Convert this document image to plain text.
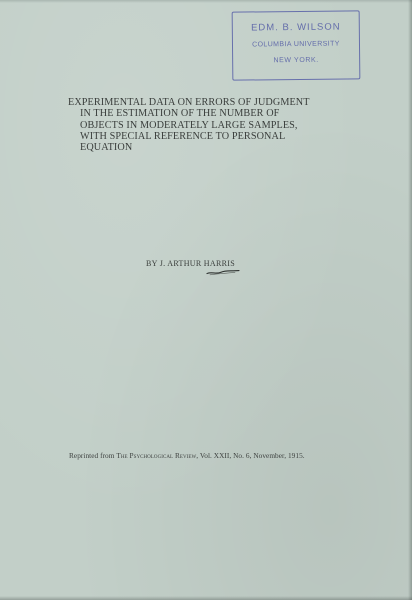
EDM. B. WILSON
COLUMBIA UNIVERSITY
NEW YORK.
EXPERIMENTAL DATA ON ERRORS OF JUDGMENT
IN THE ESTIMATION OF THE NUMBER OF
OBJECTS IN MODERATELY LARGE SAMPLES,
WITH SPECIAL REFERENCE TO PERSONAL
EQUATION
BY J. ARTHUR HARRIS
Reprinted from The Psychological Review, Vol. XXII, No. 6, November, 1915.
